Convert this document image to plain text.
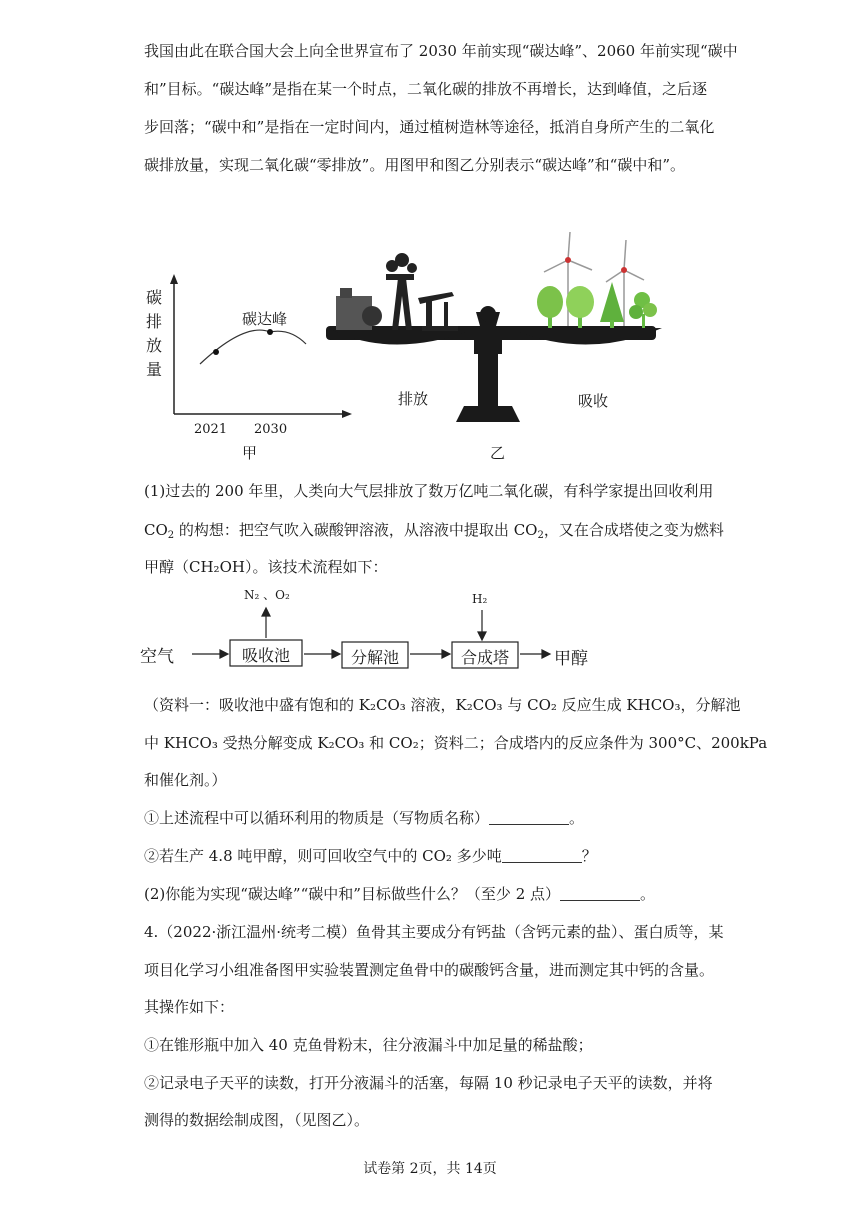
我国由此在联合国大会上向全世界宣布了 2030 年前实现“碳达峰”、2060 年前实现“碳中
和”目标。“碳达峰”是指在某一个时点，二氧化碳的排放不再增长，达到峰值，之后逐
步回落；“碳中和”是指在一定时间内，通过植树造林等途径，抵消自身所产生的二氧化
碳排放量，实现二氧化碳“零排放”。用图甲和图乙分别表示“碳达峰”和“碳中和”。
碳
排
放
量
碳达峰
2021 2030
甲
排放	吸收
乙
(1)过去的 200 年里，人类向大气层排放了数万亿吨二氧化碳，有科学家提出回收利用
$CO_2$ 的构想：把空气吹入碳酸钾溶液，从溶液中提取出 $CO_2$，又在合成塔使之变为燃料
甲醇（CH₂OH）。该技术流程如下：
空气	吸收池	分解池	合成塔	甲醇
N₂ 、O₂	H₂
（资料一：吸收池中盛有饱和的 K₂CO₃ 溶液，K₂CO₃ 与 CO₂ 反应生成 KHCO₃，分解池
中 KHCO₃ 受热分解变成 K₂CO₃ 和 CO₂；资料二；合成塔内的反应条件为 300°C、200kPa
和催化剂。）
①上述流程中可以循环利用的物质是（写物质名称）	。
②若生产 4.8 吨甲醇，则可回收空气中的 CO₂ 多少吨	？
(2)你能为实现“碳达峰”“碳中和”目标做些什么？（至少 2 点）	。
4.（2022·浙江温州·统考二模）鱼骨其主要成分有钙盐（含钙元素的盐）、蛋白质等，某
项目化学习小组准备图甲实验装置测定鱼骨中的碳酸钙含量，进而测定其中钙的含量。
其操作如下：
①在锥形瓶中加入 40 克鱼骨粉末，往分液漏斗中加足量的稀盐酸；
②记录电子天平的读数，打开分液漏斗的活塞，每隔 10 秒记录电子天平的读数，并将
测得的数据绘制成图，（见图乙）。
试卷第 2页，共 14页
